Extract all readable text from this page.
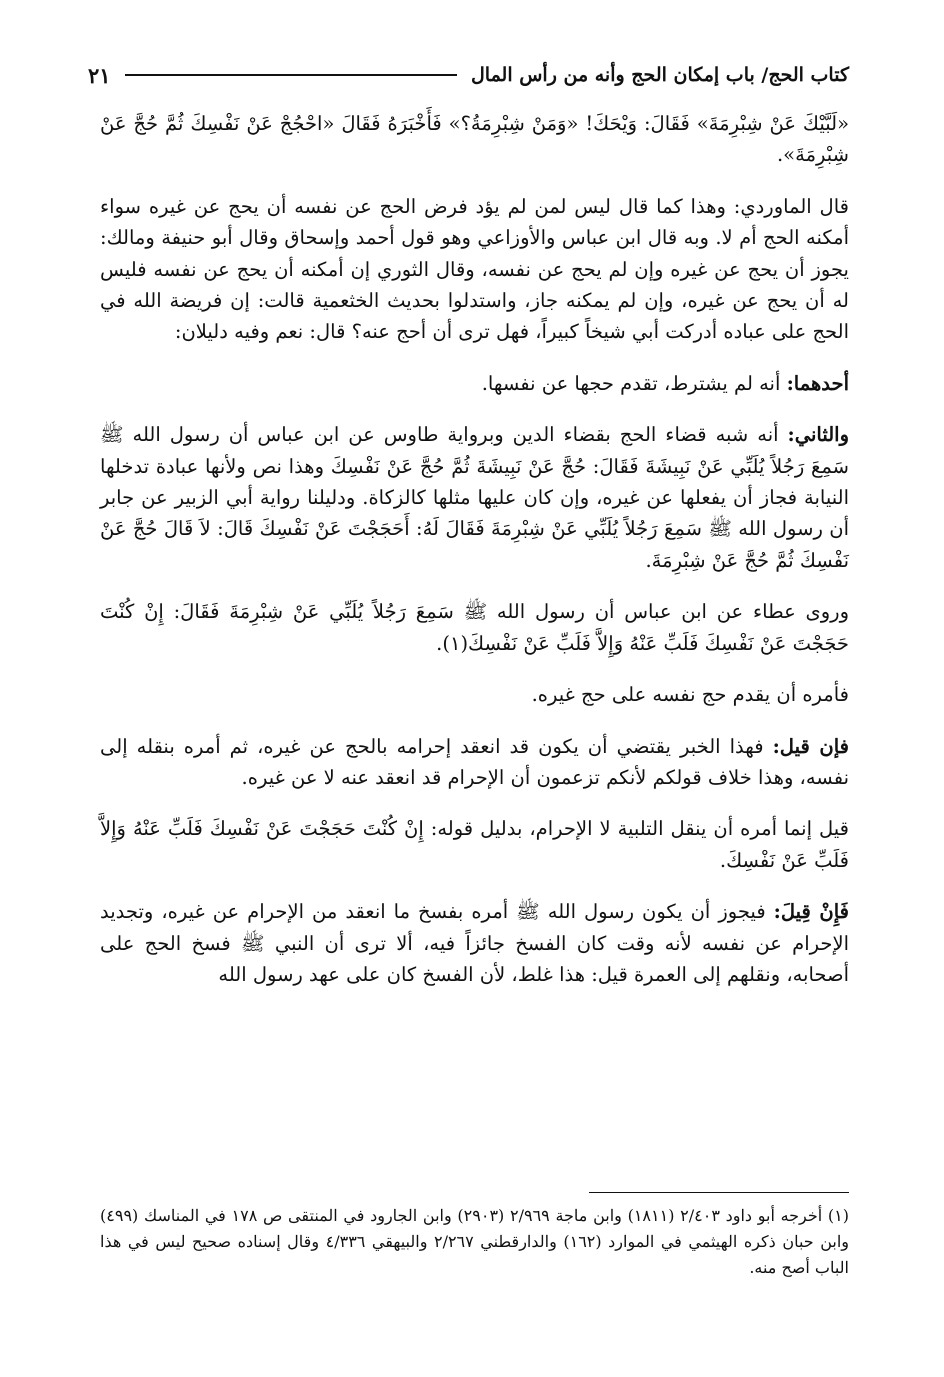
كتاب الحج/ باب إمكان الحج وأنه من رأس المال
٢١

«لَبَّيْكَ عَنْ شِبْرِمَةَ» فَقَالَ: وَيْحَكَ! «وَمَنْ شِبْرِمَةُ؟» فَأَخْبَرَهُ فَقَالَ «احْجُجْ عَنْ نَفْسِكَ ثُمَّ حُجَّ عَنْ شِبْرِمَةَ».

قال الماوردي: وهذا كما قال ليس لمن لم يؤد فرض الحج عن نفسه أن يحج عن غيره سواء أمكنه الحج أم لا. وبه قال ابن عباس والأوزاعي وهو قول أحمد وإسحاق وقال أبو حنيفة ومالك: يجوز أن يحج عن غيره وإن لم يحج عن نفسه، وقال الثوري إن أمكنه أن يحج عن نفسه فليس له أن يحج عن غيره، وإن لم يمكنه جاز، واستدلوا بحديث الخثعمية قالت: إن فريضة الله في الحج على عباده أدركت أبي شيخاً كبيراً، فهل ترى أن أحج عنه؟ قال: نعم وفيه دليلان:

أحدهما: أنه لم يشترط، تقدم حجها عن نفسها.

والثاني: أنه شبه قضاء الحج بقضاء الدين وبرواية طاوس عن ابن عباس أن رسول الله ﷺ سَمِعَ رَجُلاً يُلَبِّي عَنْ نَبِيشَةَ فَقَالَ: حُجَّ عَنْ نَبِيشَةَ ثُمَّ حُجَّ عَنْ نَفْسِكَ وهذا نص ولأنها عبادة تدخلها النيابة فجاز أن يفعلها عن غيره، وإن كان عليها مثلها كالزكاة. ودليلنا رواية أبي الزبير عن جابر أن رسول الله ﷺ سَمِعَ رَجُلاً يُلَبِّي عَنْ شِبْرِمَةَ فَقَالَ لَهُ: أَحَجَجْتَ عَنْ نَفْسِكَ قَالَ: لاَ قَالَ حُجَّ عَنْ نَفْسِكَ ثُمَّ حُجَّ عَنْ شِبْرِمَةَ.

وروى عطاء عن ابن عباس أن رسول الله ﷺ سَمِعَ رَجُلاً يُلَبِّي عَنْ شِبْرِمَةَ فَقَالَ: إِنْ كُنْتَ حَجَجْتَ عَنْ نَفْسِكَ فَلَبِّ عَنْهُ وَإِلاَّ فَلَبِّ عَنْ نَفْسِكَ(١).

فأمره أن يقدم حج نفسه على حج غيره.

فإن قيل: فهذا الخبر يقتضي أن يكون قد انعقد إحرامه بالحج عن غيره، ثم أمره بنقله إلى نفسه، وهذا خلاف قولكم لأنكم تزعمون أن الإحرام قد انعقد عنه لا عن غيره.

قيل إنما أمره أن ينقل التلبية لا الإحرام، بدليل قوله: إِنْ كُنْتَ حَجَجْتَ عَنْ نَفْسِكَ فَلَبِّ عَنْهُ وَإِلاَّ فَلَبِّ عَنْ نَفْسِكَ.

فَإِنْ قِيلَ: فيجوز أن يكون رسول الله ﷺ أمره بفسخ ما انعقد من الإحرام عن غيره، وتجديد الإحرام عن نفسه لأنه وقت كان الفسخ جائزاً فيه، ألا ترى أن النبي ﷺ فسخ الحج على أصحابه، ونقلهم إلى العمرة قيل: هذا غلط، لأن الفسخ كان على عهد رسول الله

(١) أخرجه أبو داود ٢/٤٠٣ (١٨١١) وابن ماجة ٢/٩٦٩ (٢٩٠٣) وابن الجارود في المنتقى ص ١٧٨ في المناسك (٤٩٩) وابن حبان ذكره الهيثمي في الموارد (١٦٢) والدارقطني ٢/٢٦٧ والبيهقي ٤/٣٣٦ وقال إسناده صحيح ليس في هذا الباب أصح منه.
